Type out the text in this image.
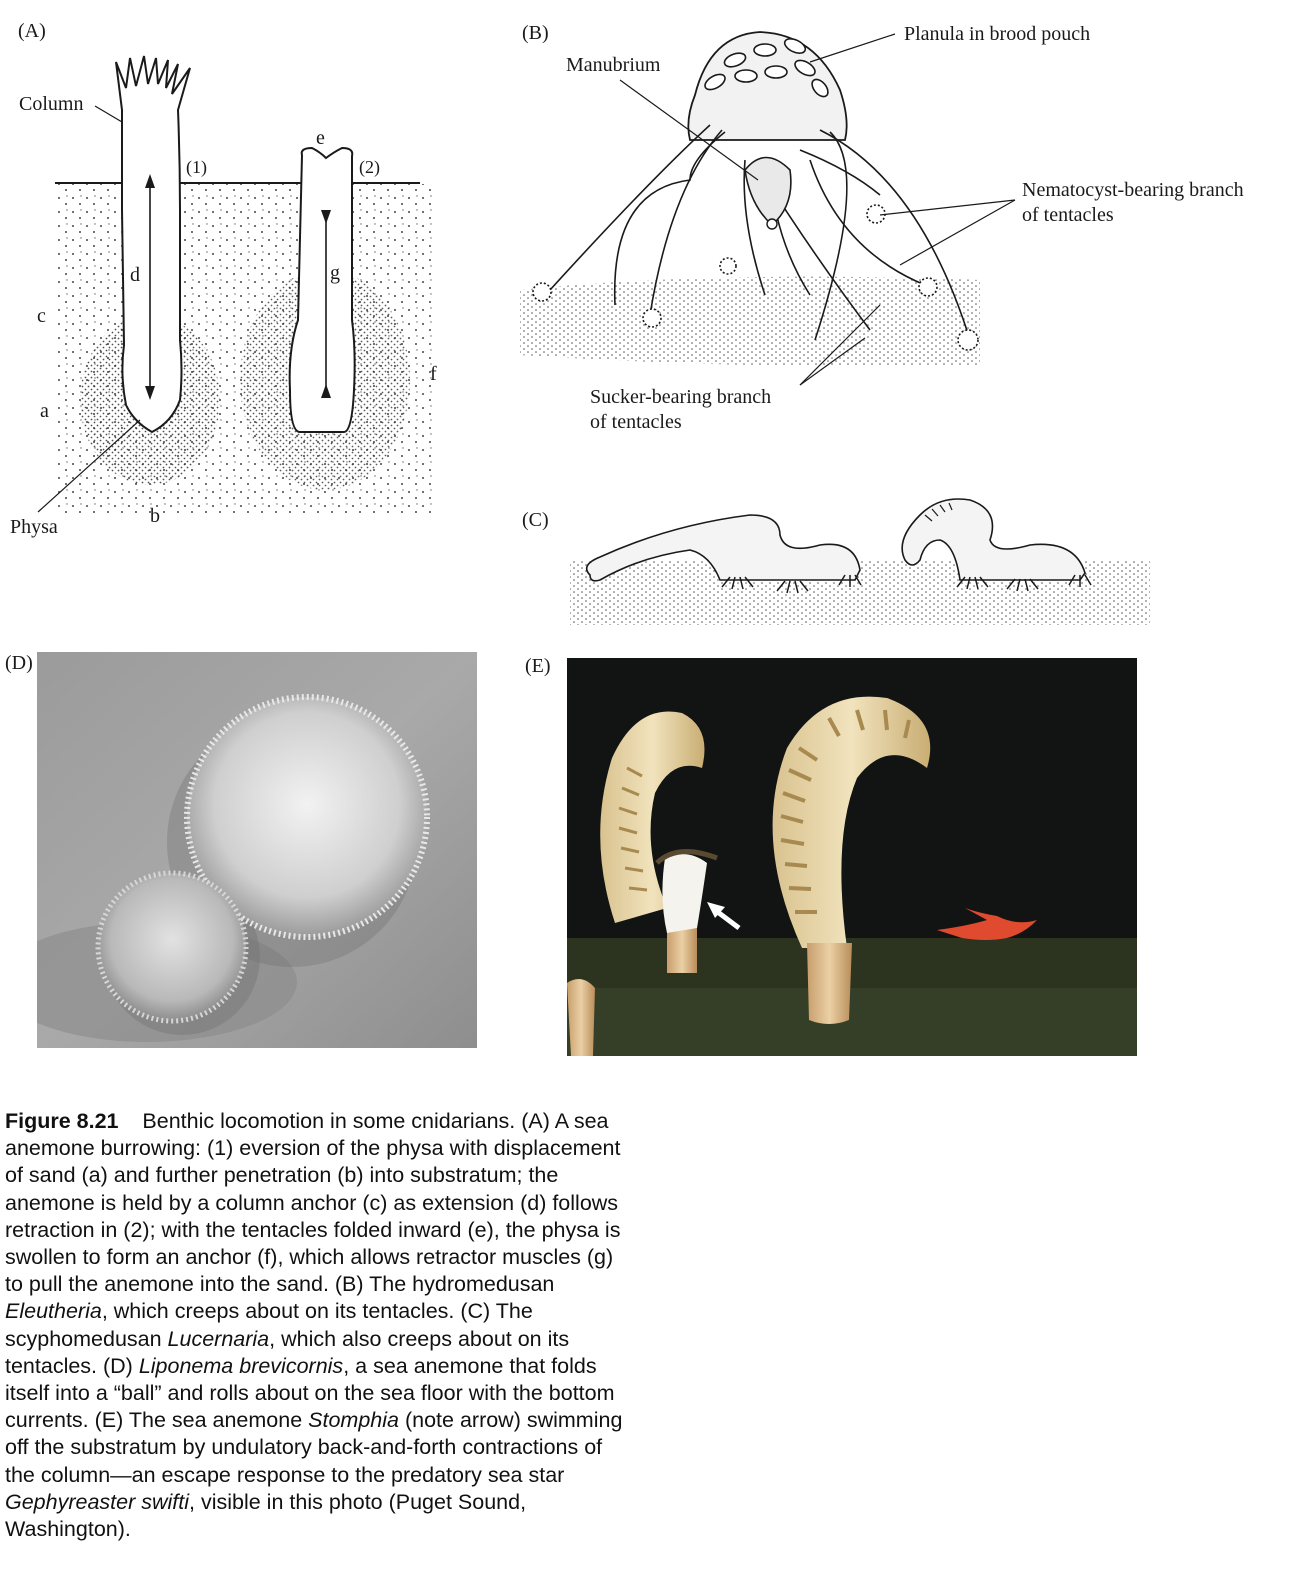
(A)
Column
Physa
(1)	(2)
a
b
c
d
e
f
g
(B)
Manubrium
Planula in brood pouch
Nematocyst-bearing branch
of tentacles
Sucker-bearing branch
of tentacles
(C)
(D)	(E)
Figure 8.21 Benthic locomotion in some cnidarians. (A) A sea anemone burrowing: (1) eversion of the physa with displacement of sand (a) and further penetration (b) into substratum; the anemone is held by a column anchor (c) as extension (d) follows retraction in (2); with the tentacles folded inward (e), the physa is swollen to form an anchor (f), which allows retractor muscles (g) to pull the anemone into the sand. (B) The hydromedusan Eleutheria, which creeps about on its tentacles. (C) The scyphomedusan Lucernaria, which also creeps about on its tentacles. (D) Liponema brevicornis, a sea anemone that folds itself into a “ball” and rolls about on the sea floor with the bottom currents. (E) The sea anemone Stomphia (note arrow) swimming off the substratum by undulatory back-and-forth contractions of the column—an escape response to the predatory sea star Gephyreaster swifti, visible in this photo (Puget Sound, Washington).
